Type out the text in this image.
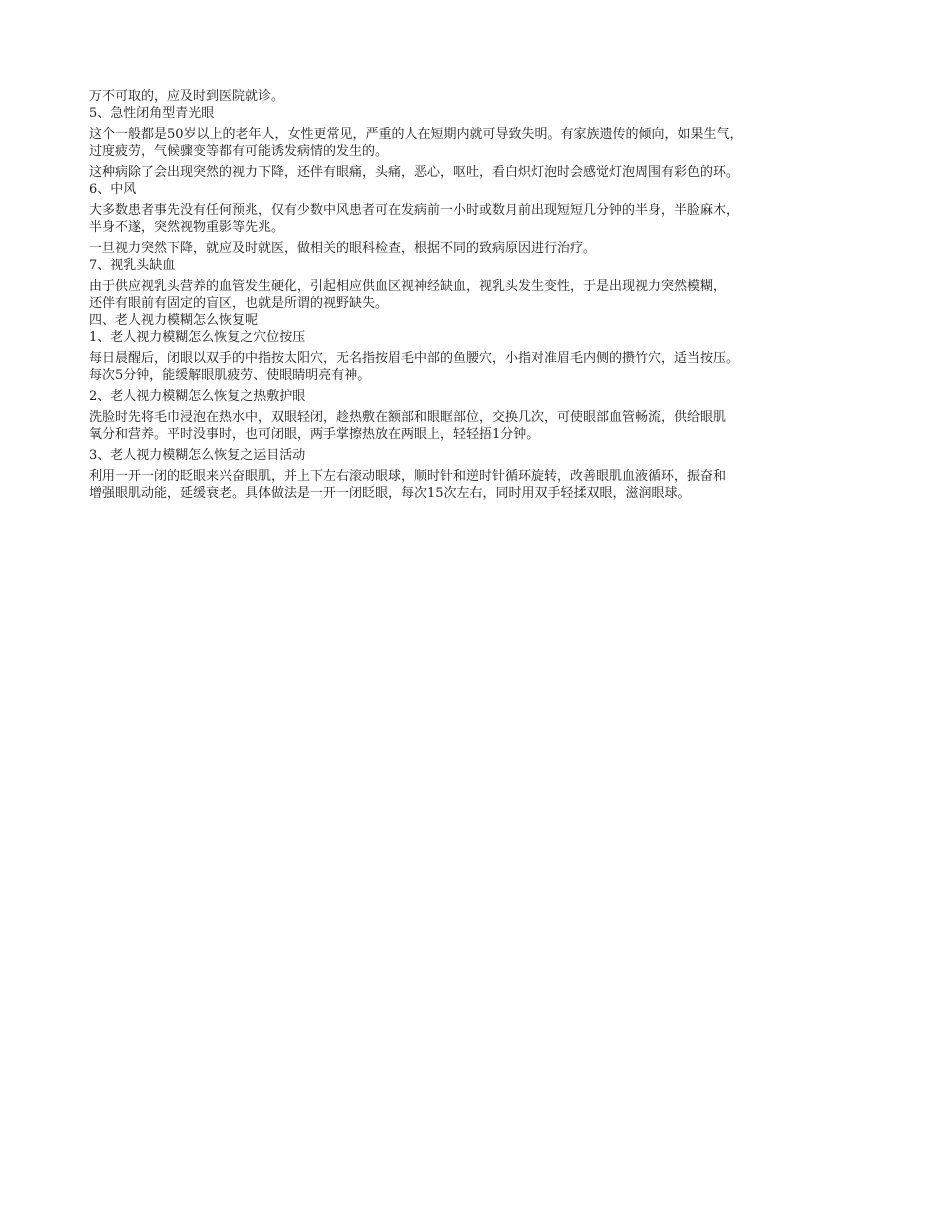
万不可取的，应及时到医院就诊。
5、急性闭角型青光眼
这个一般都是50岁以上的老年人，女性更常见，严重的人在短期内就可导致失明。有家族遗传的倾向，如果生气，
过度疲劳，气候骤变等都有可能诱发病情的发生的。
这种病除了会出现突然的视力下降，还伴有眼痛，头痛，恶心，呕吐，看白炽灯泡时会感觉灯泡周围有彩色的环。
6、中风
大多数患者事先没有任何预兆，仅有少数中风患者可在发病前一小时或数月前出现短短几分钟的半身，半脸麻木，
半身不遂，突然视物重影等先兆。
一旦视力突然下降，就应及时就医，做相关的眼科检查，根据不同的致病原因进行治疗。
7、视乳头缺血
由于供应视乳头营养的血管发生硬化，引起相应供血区视神经缺血，视乳头发生变性，于是出现视力突然模糊，
还伴有眼前有固定的盲区，也就是所谓的视野缺失。
四、老人视力模糊怎么恢复呢
1、老人视力模糊怎么恢复之穴位按压
每日晨醒后，闭眼以双手的中指按太阳穴，无名指按眉毛中部的鱼腰穴，小指对准眉毛内侧的攒竹穴，适当按压。
每次5分钟，能缓解眼肌疲劳、使眼睛明亮有神。
2、老人视力模糊怎么恢复之热敷护眼
洗脸时先将毛巾浸泡在热水中，双眼轻闭，趁热敷在额部和眼眶部位，交换几次，可使眼部血管畅流，供给眼肌
氧分和营养。平时没事时，也可闭眼，两手掌擦热放在两眼上，轻轻捂1分钟。
3、老人视力模糊怎么恢复之运目活动
利用一开一闭的眨眼来兴奋眼肌，并上下左右滚动眼球，顺时针和逆时针循环旋转，改善眼肌血液循环，振奋和
增强眼肌动能，延缓衰老。具体做法是一开一闭眨眼，每次15次左右，同时用双手轻揉双眼，滋润眼球。
